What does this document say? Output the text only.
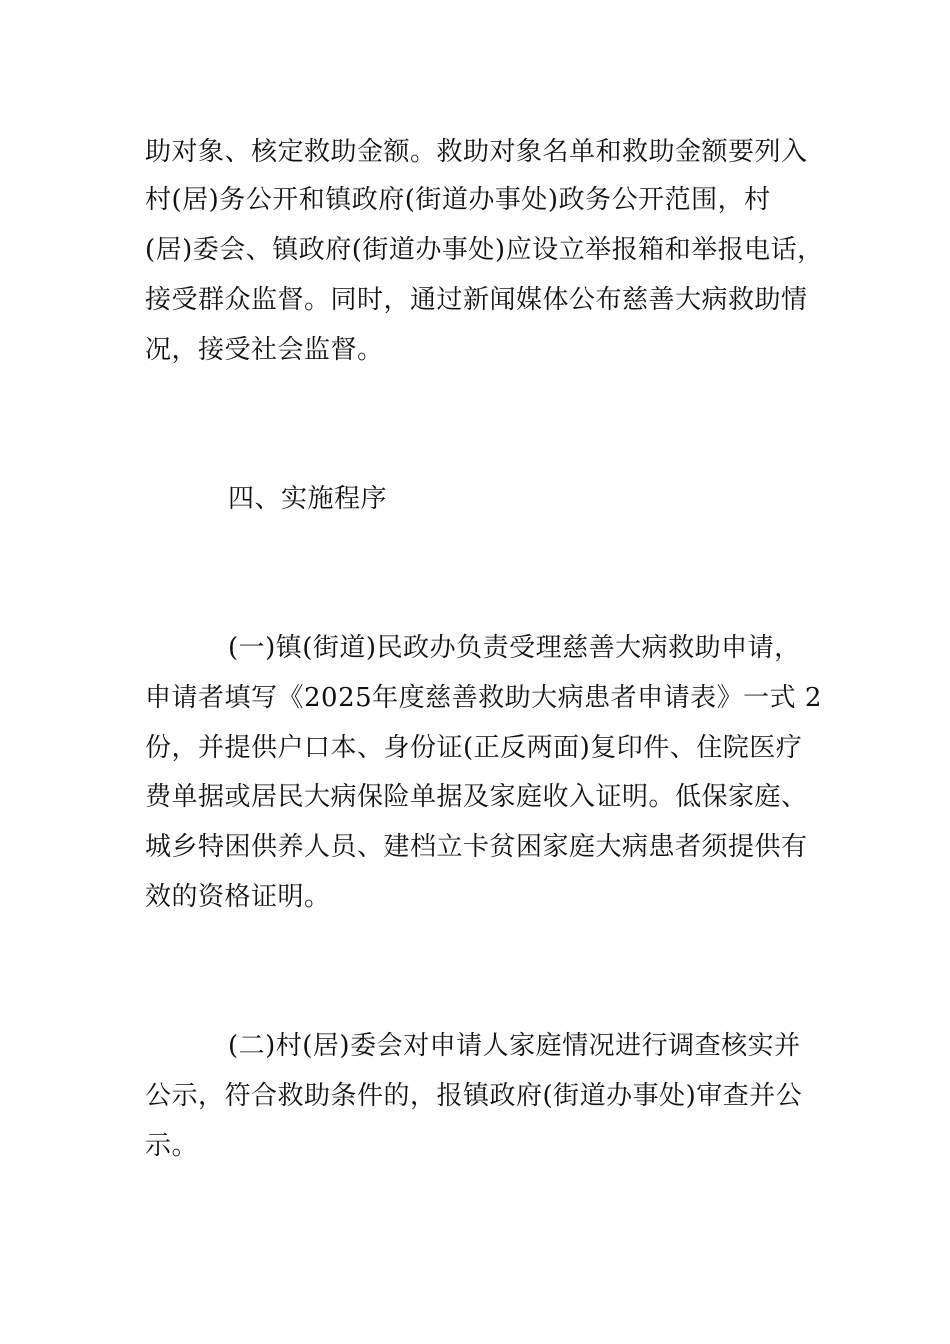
助对象、核定救助金额。救助对象名单和救助金额要列入
村(居)务公开和镇政府(街道办事处)政务公开范围，村
(居)委会、镇政府(街道办事处)应设立举报箱和举报电话，
接受群众监督。同时，通过新闻媒体公布慈善大病救助情
况，接受社会监督。
四、实施程序
(一)镇(街道)民政办负责受理慈善大病救助申请，
申请者填写《2025年度慈善救助大病患者申请表》一式 2
份，并提供户口本、身份证(正反两面)复印件、住院医疗
费单据或居民大病保险单据及家庭收入证明。低保家庭、
城乡特困供养人员、建档立卡贫困家庭大病患者须提供有
效的资格证明。
(二)村(居)委会对申请人家庭情况进行调查核实并
公示，符合救助条件的，报镇政府(街道办事处)审查并公
示。
